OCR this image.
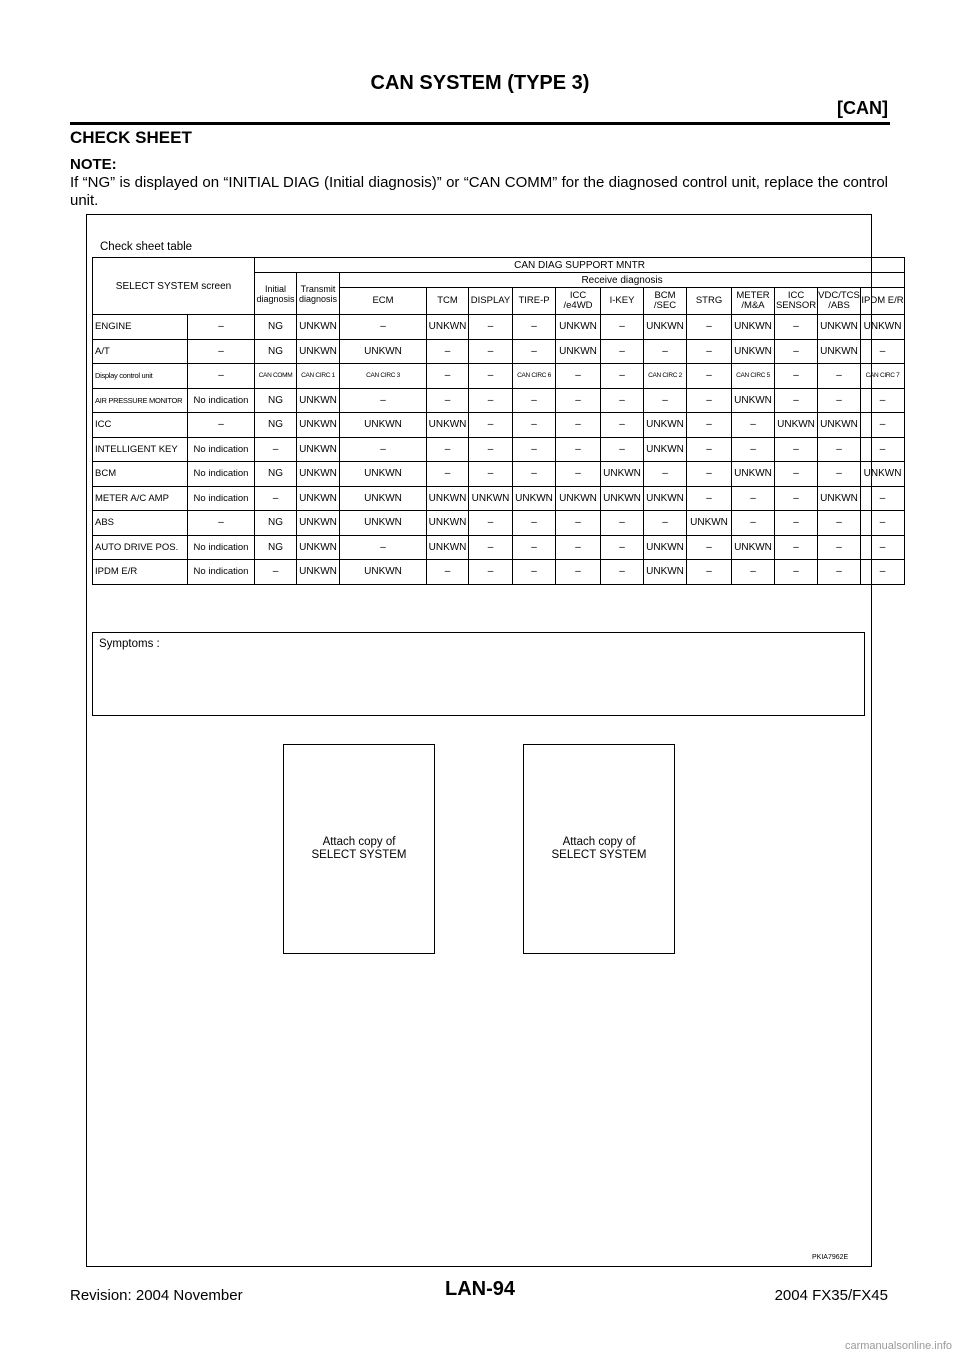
CAN SYSTEM (TYPE 3)
[CAN]
CHECK SHEET
NOTE:
If “NG” is displayed on “INITIAL DIAG (Initial diagnosis)” or “CAN COMM” for the diagnosed control unit, replace the control unit.
Check sheet table
SELECT SYSTEM screen		CAN DIAG SUPPORT MNTR													
		Initial diagnosis	Transmit diagnosis	Receive diagnosis											
				ECM	TCM	DISPLAY	TIRE-P	ICC /e4WD	I-KEY	BCM /SEC	STRG	METER /M&A	ICC SENSOR	VDC/TCS /ABS	IPDM E/R
ENGINE	–	NG	UNKWN	–	UNKWN	–	–	UNKWN	–	UNKWN	–	UNKWN	–	UNKWN	UNKWN
A/T	–	NG	UNKWN	UNKWN	–	–	–	UNKWN	–	–	–	UNKWN	–	UNKWN	–
Display control unit	–	CAN COMM	CAN CIRC 1	CAN CIRC 3	–	–	CAN CIRC 6	–	–	CAN CIRC 2	–	CAN CIRC 5	–	–	CAN CIRC 7
AIR PRESSURE MONITOR	No indication	NG	UNKWN	–	–	–	–	–	–	–	–	UNKWN	–	–	–
ICC	–	NG	UNKWN	UNKWN	UNKWN	–	–	–	–	UNKWN	–	–	UNKWN	UNKWN	–
INTELLIGENT KEY	No indication	–	UNKWN	–	–	–	–	–	–	UNKWN	–	–	–	–	–
BCM	No indication	NG	UNKWN	UNKWN	–	–	–	–	UNKWN	–	–	UNKWN	–	–	UNKWN
METER A/C AMP	No indication	–	UNKWN	UNKWN	UNKWN	UNKWN	UNKWN	UNKWN	UNKWN	UNKWN	–	–	–	UNKWN	–
ABS	–	NG	UNKWN	UNKWN	UNKWN	–	–	–	–	–	UNKWN	–	–	–	–
AUTO DRIVE POS.	No indication	NG	UNKWN	–	UNKWN	–	–	–	–	UNKWN	–	UNKWN	–	–	–
IPDM E/R	No indication	–	UNKWN	UNKWN	–	–	–	–	–	UNKWN	–	–	–	–	–
Symptoms :
Attach copy of
SELECT SYSTEM
Attach copy of
SELECT SYSTEM
PKIA7962E
Revision: 2004 November	LAN-94	2004 FX35/FX45
carmanualsonline.info
